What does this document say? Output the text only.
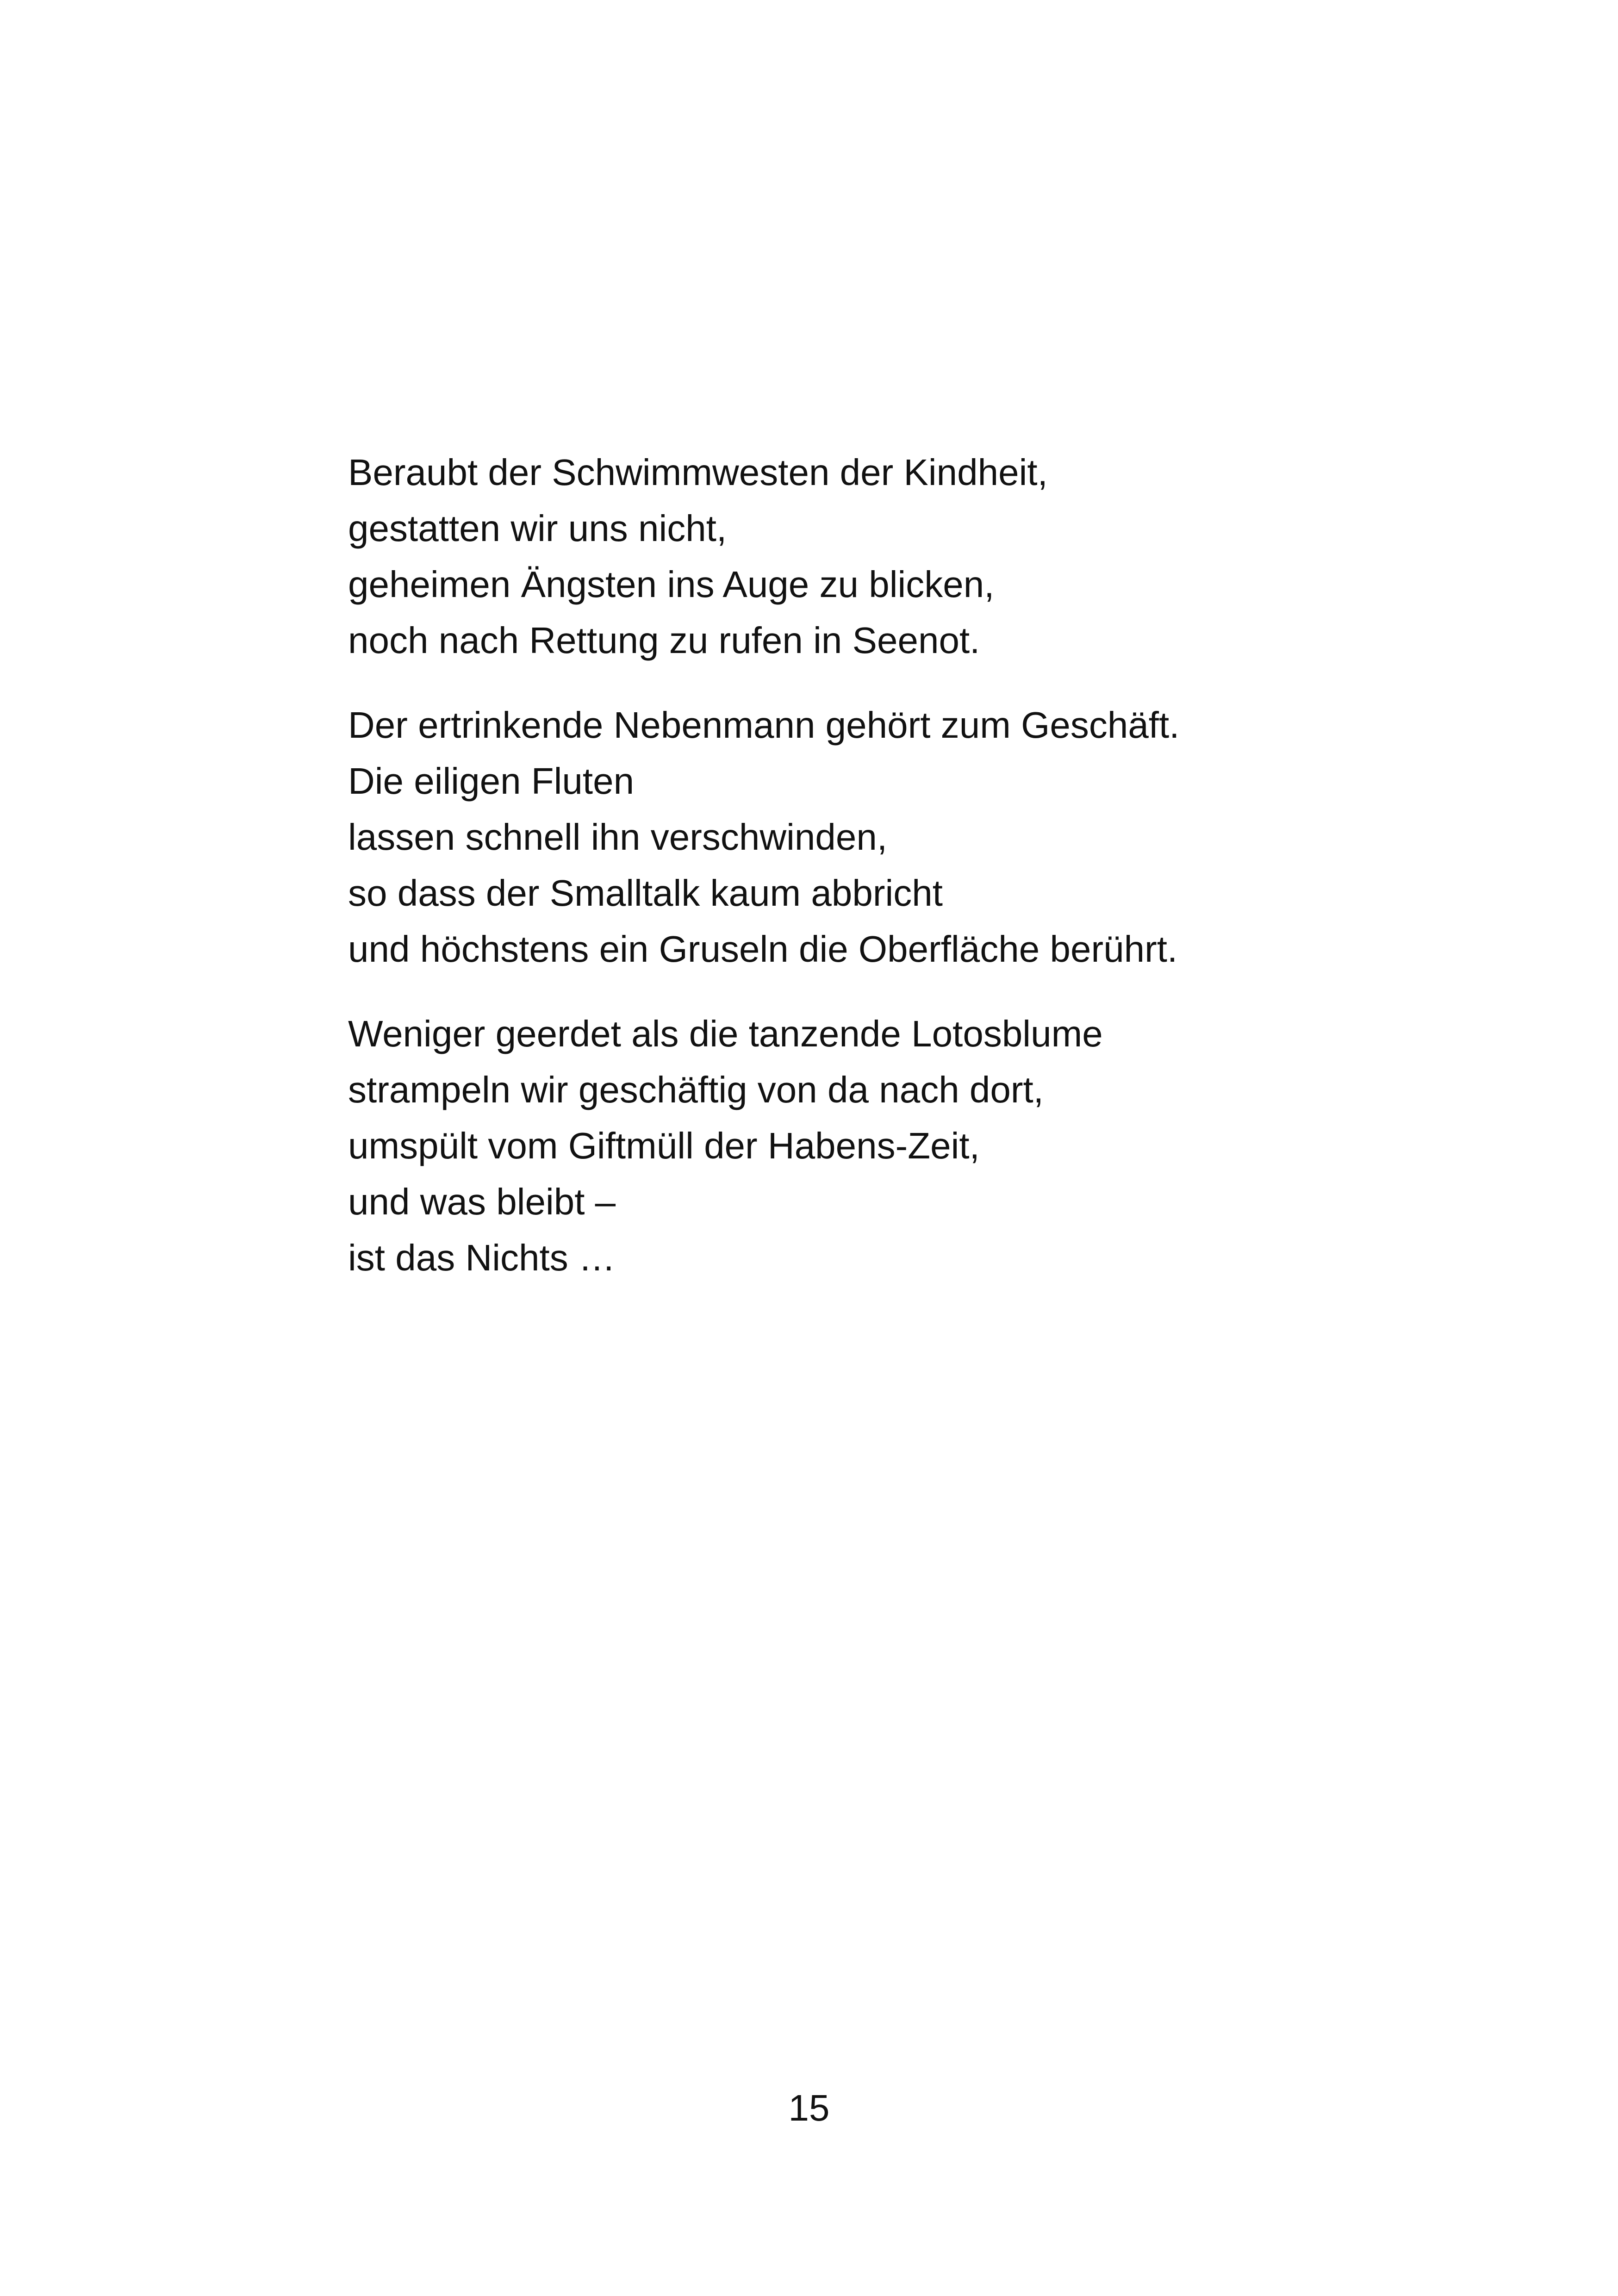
Beraubt der Schwimmwesten der Kindheit,
gestatten wir uns nicht,
geheimen Ängsten ins Auge zu blicken,
noch nach Rettung zu rufen in Seenot.
Der ertrinkende Nebenmann gehört zum Geschäft.
Die eiligen Fluten
lassen schnell ihn verschwinden,
so dass der Smalltalk kaum abbricht
und höchstens ein Gruseln die Oberfläche berührt.
Weniger geerdet als die tanzende Lotosblume
strampeln wir geschäftig von da nach dort,
umspült vom Giftmüll der Habens-Zeit,
und was bleibt –
ist das Nichts …
15
